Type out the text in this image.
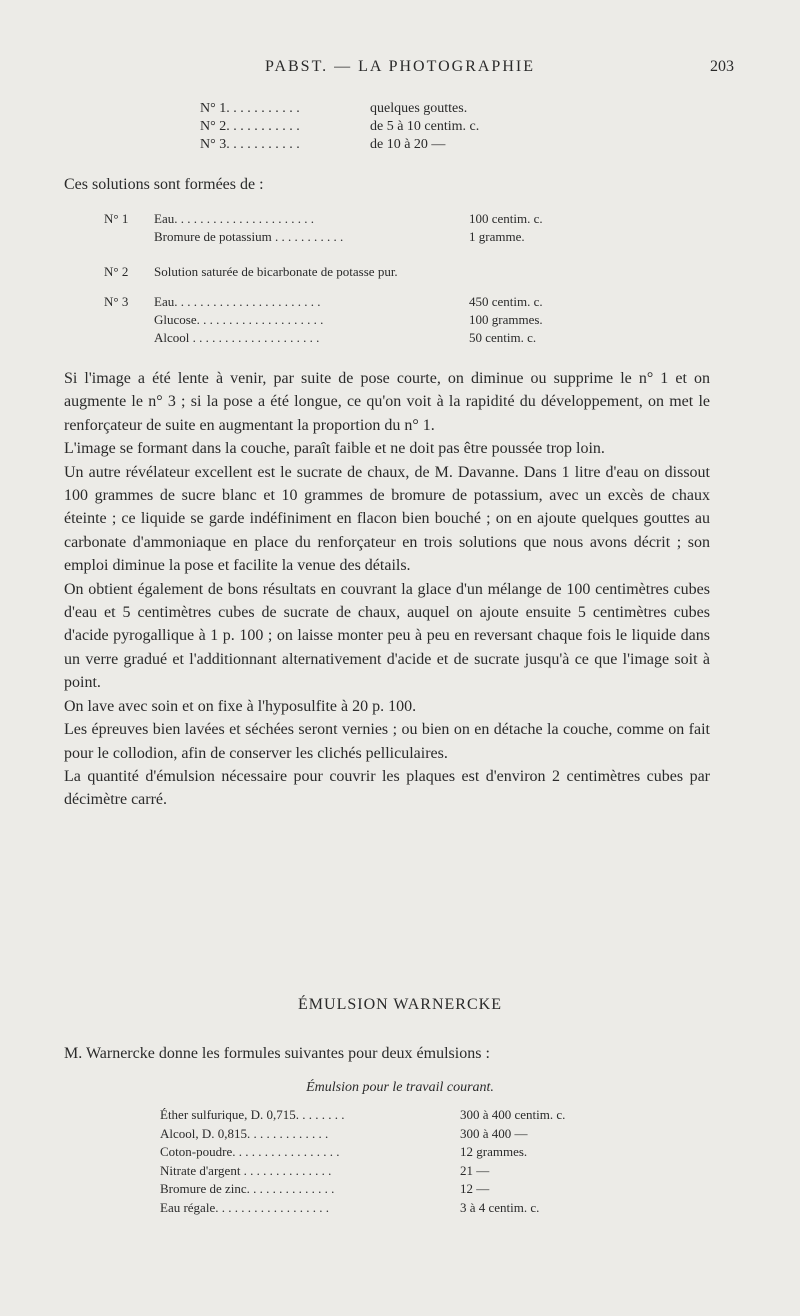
PABST. — LA PHOTOGRAPHIE	203
N° 1. . . . . . . . . . .	quelques gouttes.
N° 2. . . . . . . . . . .	de 5 à 10 centim. c.
N° 3. . . . . . . . . . .	de 10 à 20 —
Ces solutions sont formées de :
N° 1	Eau. . . . . . . . . . . . . . . . . . . . . .	100 centim. c.
Bromure de potassium . . . . . . . . . . .	1 gramme.
N° 2	Solution saturée de bicarbonate de potasse pur.
N° 3	Eau. . . . . . . . . . . . . . . . . . . . . . .	450 centim. c.
Glucose. . . . . . . . . . . . . . . . . . . .	100 grammes.
Alcool . . . . . . . . . . . . . . . . . . . .	50 centim. c.

Si l'image a été lente à venir, par suite de pose courte, on diminue ou supprime le n° 1 et on augmente le n° 3 ; si la pose a été longue, ce qu'on voit à la rapidité du développement, on met le renforçateur de suite en augmentant la proportion du n° 1.

L'image se formant dans la couche, paraît faible et ne doit pas être poussée trop loin.

Un autre révélateur excellent est le sucrate de chaux, de M. Davanne. Dans 1 litre d'eau on dissout 100 grammes de sucre blanc et 10 grammes de bromure de potassium, avec un excès de chaux éteinte ; ce liquide se garde indéfiniment en flacon bien bouché ; on en ajoute quelques gouttes au carbonate d'ammoniaque en place du renforçateur en trois solutions que nous avons décrit ; son emploi diminue la pose et facilite la venue des détails.

On obtient également de bons résultats en couvrant la glace d'un mélange de 100 centimètres cubes d'eau et 5 centimètres cubes de sucrate de chaux, auquel on ajoute ensuite 5 centimètres cubes d'acide pyrogallique à 1 p. 100 ; on laisse monter peu à peu en reversant chaque fois le liquide dans un verre gradué et l'additionnant alternativement d'acide et de sucrate jusqu'à ce que l'image soit à point.

On lave avec soin et on fixe à l'hyposulfite à 20 p. 100.

Les épreuves bien lavées et séchées seront vernies ; ou bien on en détache la couche, comme on fait pour le collodion, afin de conserver les clichés pelliculaires.

La quantité d'émulsion nécessaire pour couvrir les plaques est d'environ 2 centimètres cubes par décimètre carré.

ÉMULSION WARNERCKE
M. Warnercke donne les formules suivantes pour deux émulsions :
Émulsion pour le travail courant.
Éther sulfurique, D. 0,715. . . . . . . .	300 à 400 centim. c.
Alcool, D. 0,815. . . . . . . . . . . . .	300 à 400 —
Coton-poudre. . . . . . . . . . . . . . . . .	12 grammes.
Nitrate d'argent . . . . . . . . . . . . . .	21 —
Bromure de zinc. . . . . . . . . . . . . .	12 —
Eau régale. . . . . . . . . . . . . . . . . .	3 à 4 centim. c.
